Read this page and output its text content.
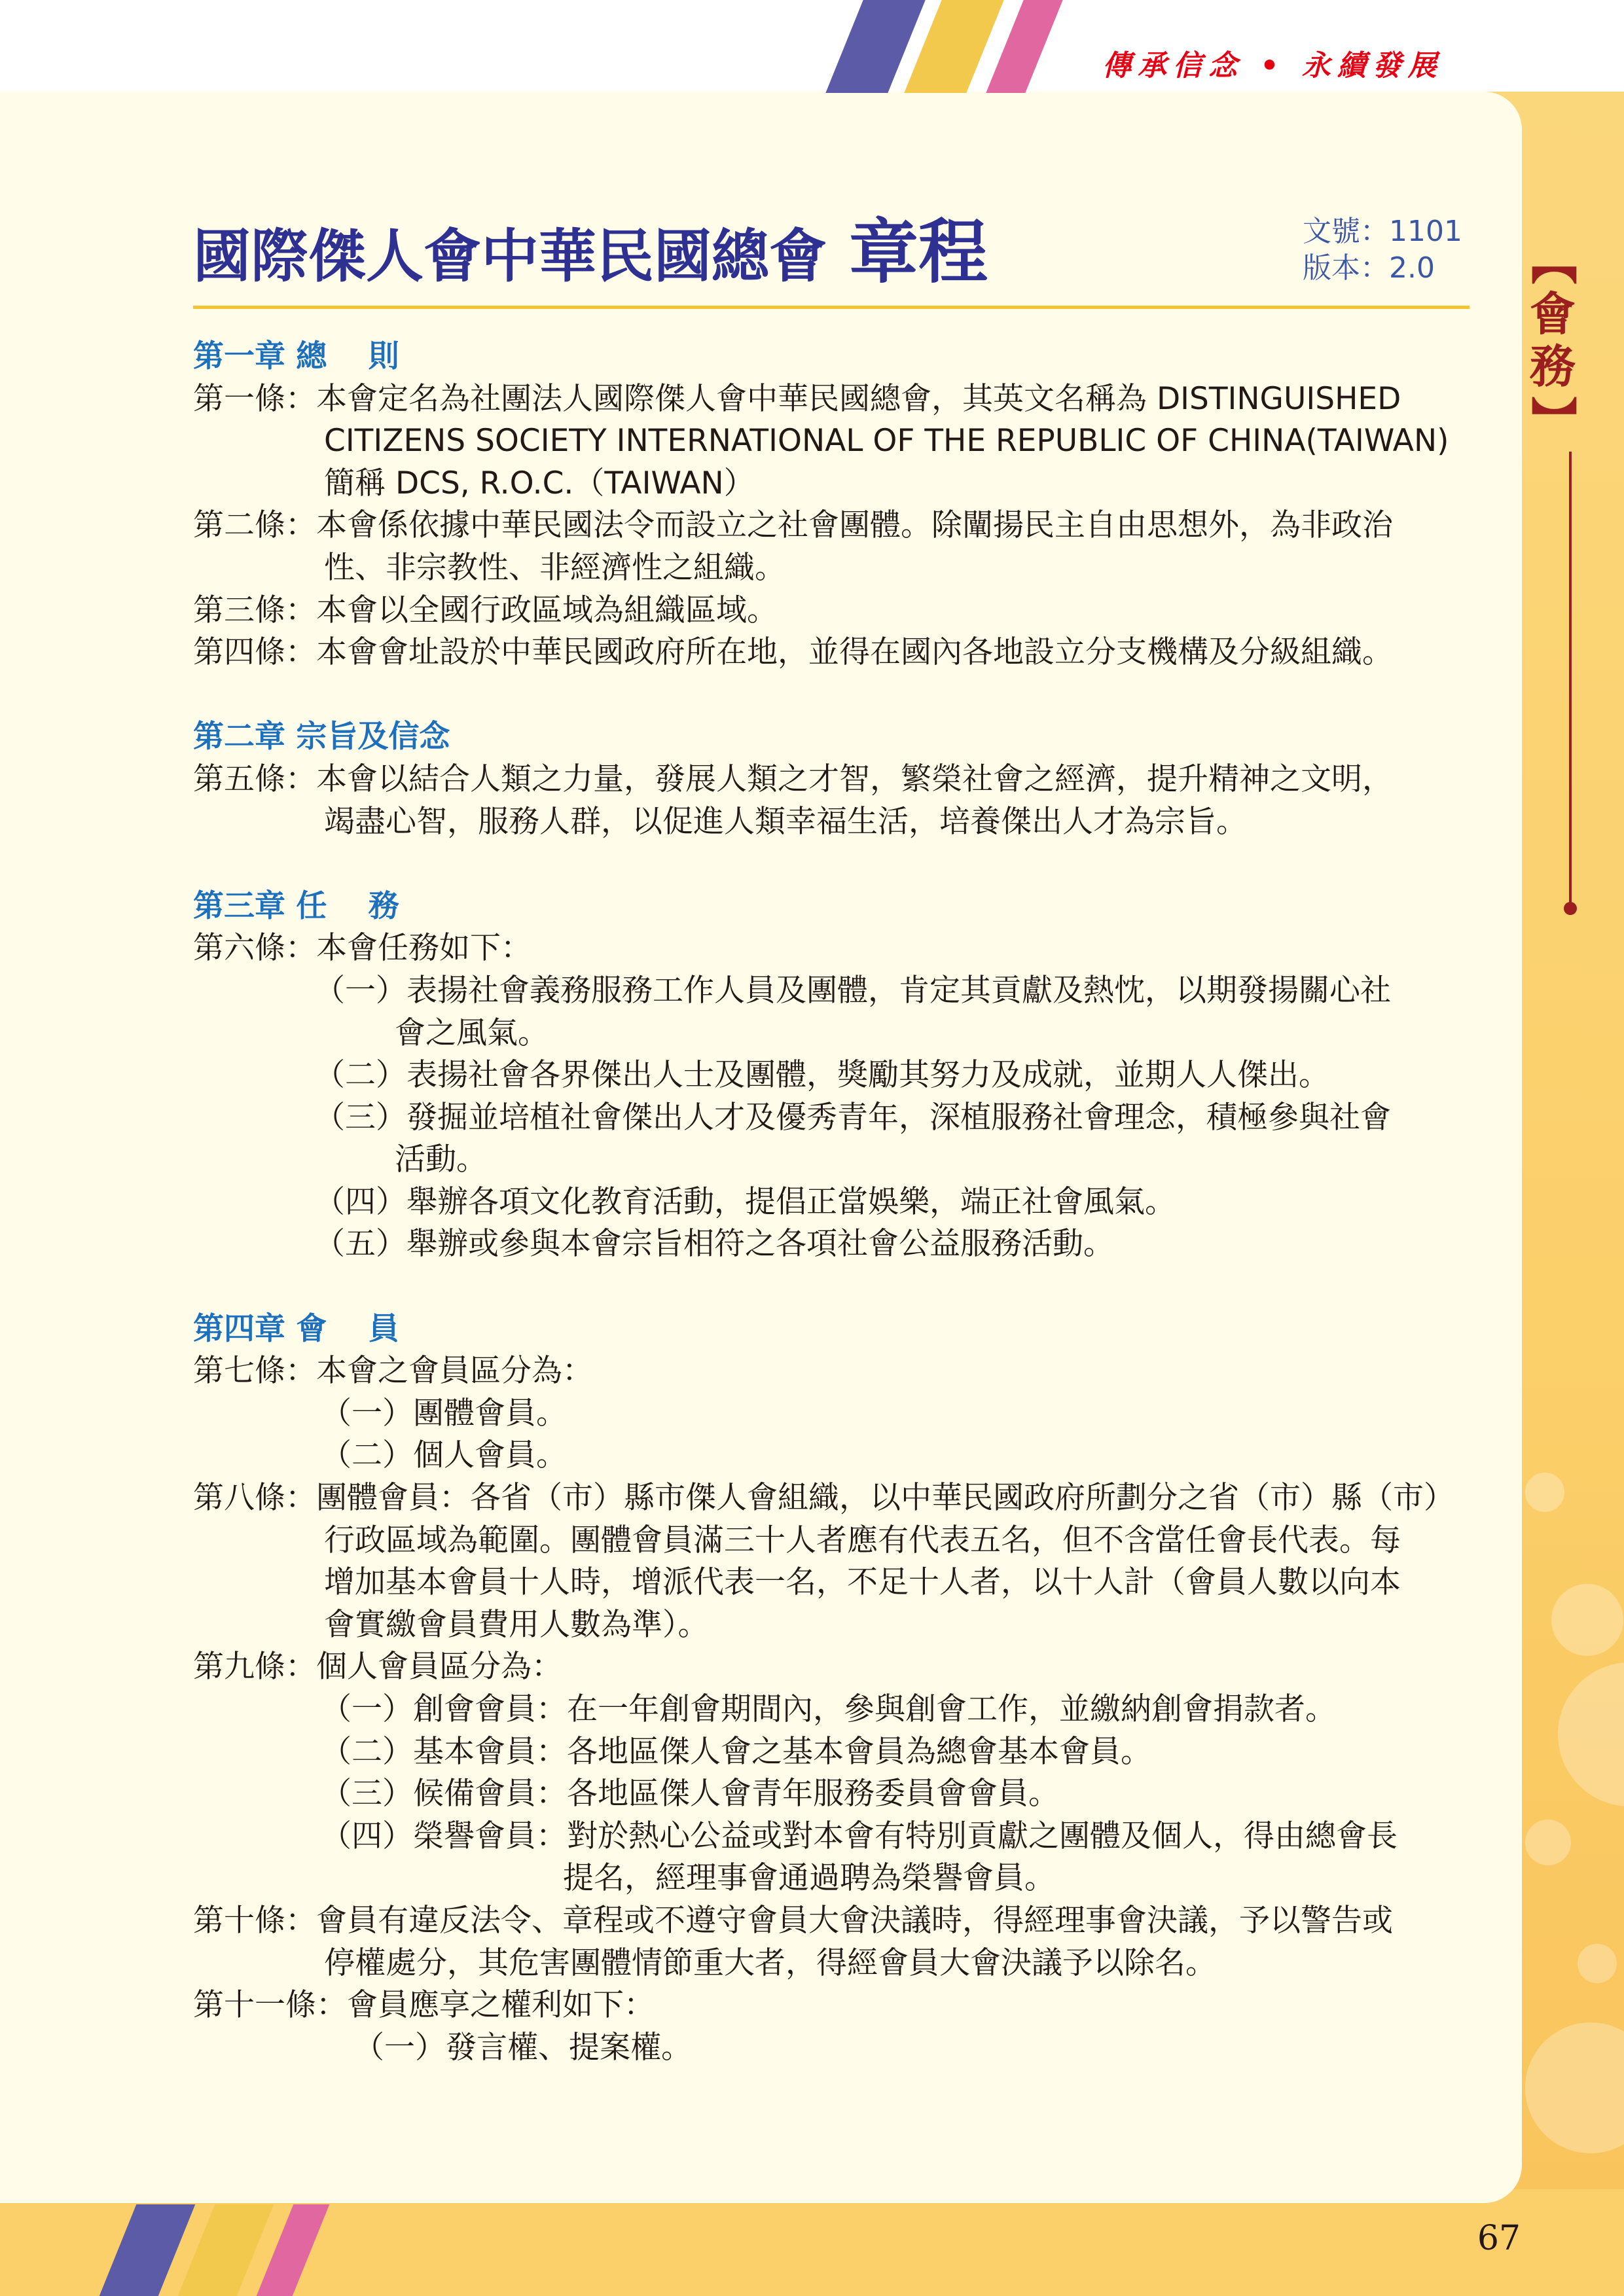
傳承信念 • 永續發展
國際傑人會中華民國總會 章程	文號：1101
版本：2.0	【
會
務
】
第一章 總　 則
第一條：本會定名為社團法人國際傑人會中華民國總會，其英文名稱為 DISTINGUISHED
CITIZENS SOCIETY INTERNATIONAL OF THE REPUBLIC OF CHINA(TAIWAN)
簡稱 DCS, R.O.C.（TAIWAN）
第二條：本會係依據中華民國法令而設立之社會團體。除闡揚民主自由思想外，為非政治
性、非宗教性、非經濟性之組織。
第三條：本會以全國行政區域為組織區域。
第四條：本會會址設於中華民國政府所在地，並得在國內各地設立分支機構及分級組織。
第二章 宗旨及信念
第五條：本會以結合人類之力量，發展人類之才智，繁榮社會之經濟，提升精神之文明，
竭盡心智，服務人群，以促進人類幸福生活，培養傑出人才為宗旨。
第三章 任　 務
第六條：本會任務如下：
（一）表揚社會義務服務工作人員及團體，肯定其貢獻及熱忱，以期發揚關心社
會之風氣。
（二）表揚社會各界傑出人士及團體，獎勵其努力及成就，並期人人傑出。
（三）發掘並培植社會傑出人才及優秀青年，深植服務社會理念，積極參與社會
活動。
（四）舉辦各項文化教育活動，提倡正當娛樂，端正社會風氣。
（五）舉辦或參與本會宗旨相符之各項社會公益服務活動。
第四章 會　 員
第七條：本會之會員區分為：
（一）團體會員。
（二）個人會員。
第八條：團體會員：各省（市）縣市傑人會組織，以中華民國政府所劃分之省（市）縣（市）
行政區域為範圍。團體會員滿三十人者應有代表五名，但不含當任會長代表。每
增加基本會員十人時，增派代表一名，不足十人者，以十人計（會員人數以向本
會實繳會員費用人數為準）。
第九條：個人會員區分為：
（一）創會會員：在一年創會期間內，參與創會工作，並繳納創會捐款者。
（二）基本會員：各地區傑人會之基本會員為總會基本會員。
（三）候備會員：各地區傑人會青年服務委員會會員。
（四）榮譽會員：對於熱心公益或對本會有特別貢獻之團體及個人，得由總會長
提名，經理事會通過聘為榮譽會員。
第十條：會員有違反法令、章程或不遵守會員大會決議時，得經理事會決議，予以警告或
停權處分，其危害團體情節重大者，得經會員大會決議予以除名。
第十一條：會員應享之權利如下：
（一）發言權、提案權。
67
